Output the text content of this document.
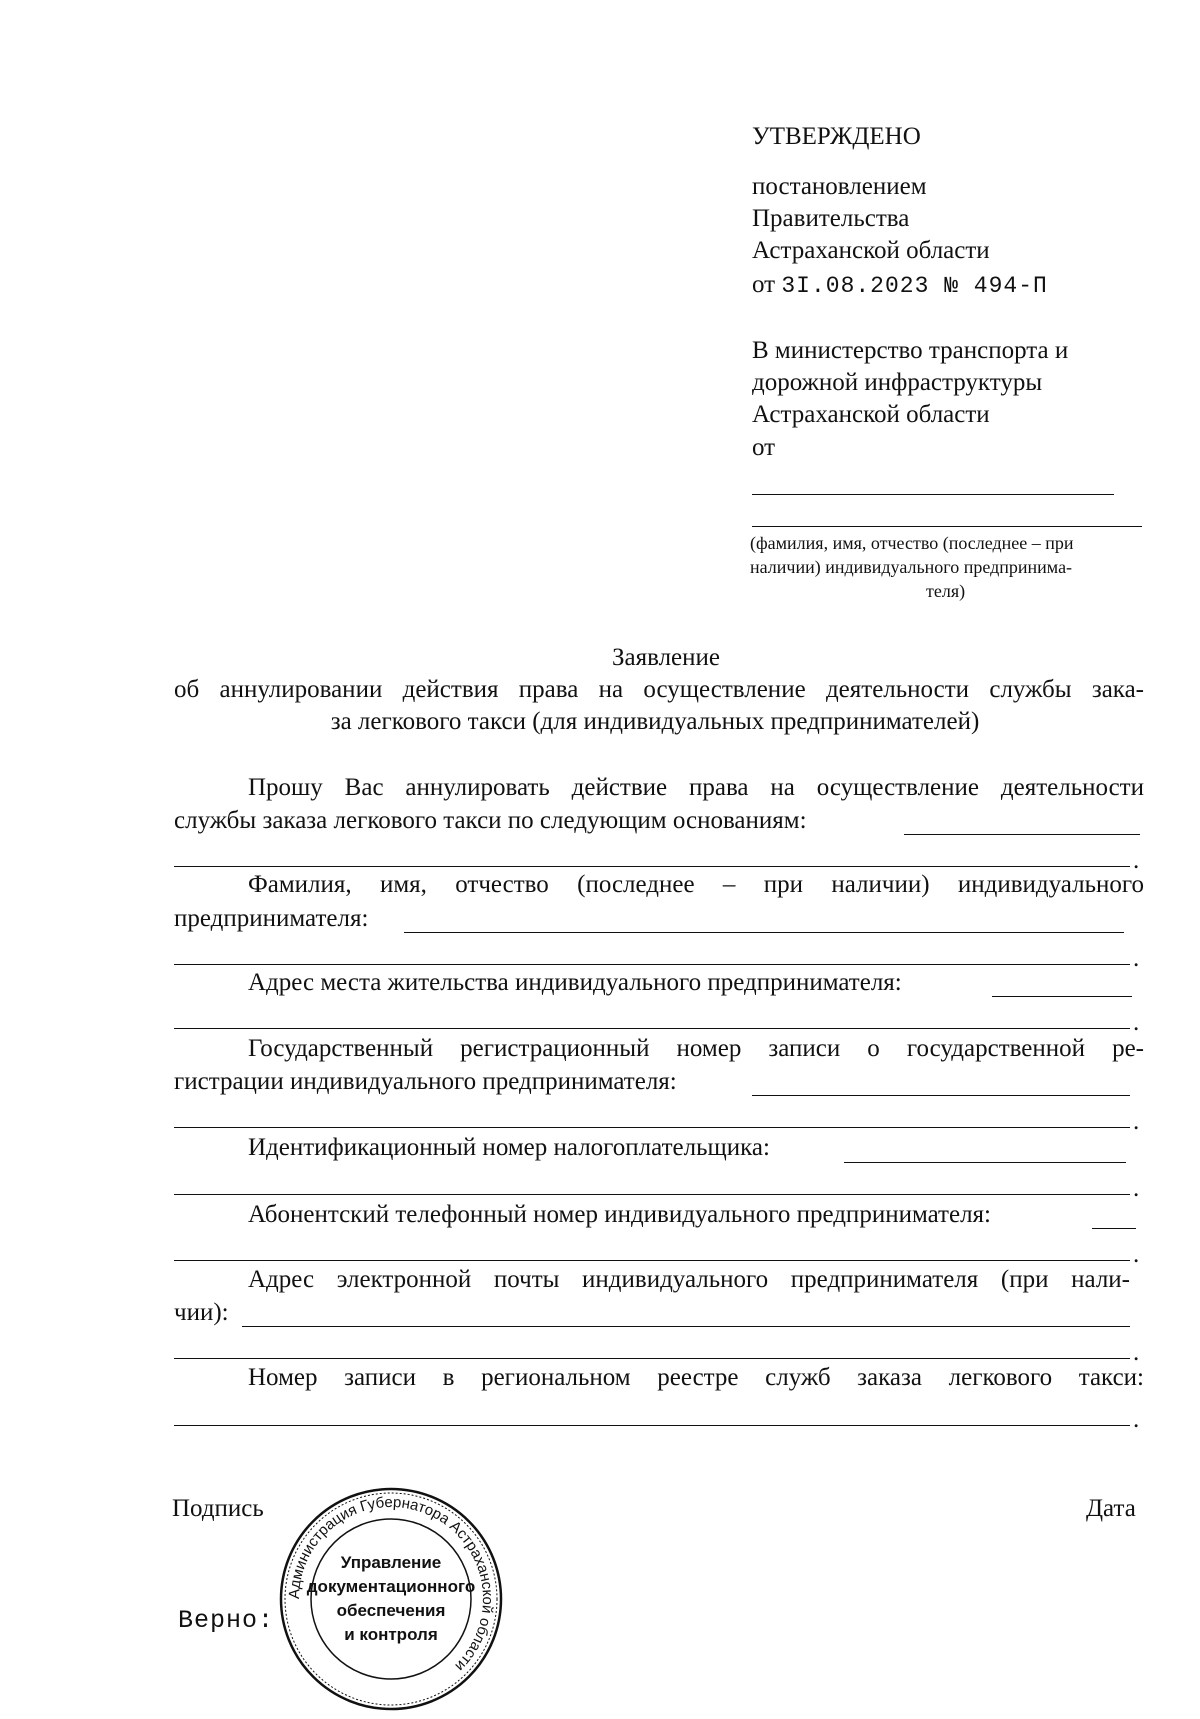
УТВЕРЖДЕНО
постановлением
Правительства
Астраханской области
от 3I.08.2023 № 494-П
В министерство транспорта и
дорожной инфраструктуры
Астраханской области
от
(фамилия, имя, отчество (последнее – при
наличии) индивидуального предпринима-
теля)
Заявление
об аннулировании действия права на осуществление деятельности службы зака-
за легкового такси (для индивидуальных предпринимателей)
Прошу Вас аннулировать действие права на осуществление деятельности
службы заказа легкового такси по следующим основаниям:
.
Фамилия, имя, отчество (последнее – при наличии) индивидуального
предпринимателя:
.
Адрес места жительства индивидуального предпринимателя:
.
Государственный регистрационный номер записи о государственной ре-
гистрации индивидуального предпринимателя:
.
Идентификационный номер налогоплательщика:
.
Абонентский телефонный номер индивидуального предпринимателя:
.
Адрес электронной почты индивидуального предпринимателя (при нали-
чии):
.
Номер записи в региональном реестре служб заказа легкового такси:
.
Подпись	Дата
Верно:
Администрация Губернатора Астраханской области
Управление
документационного
обеспечения
и контроля
